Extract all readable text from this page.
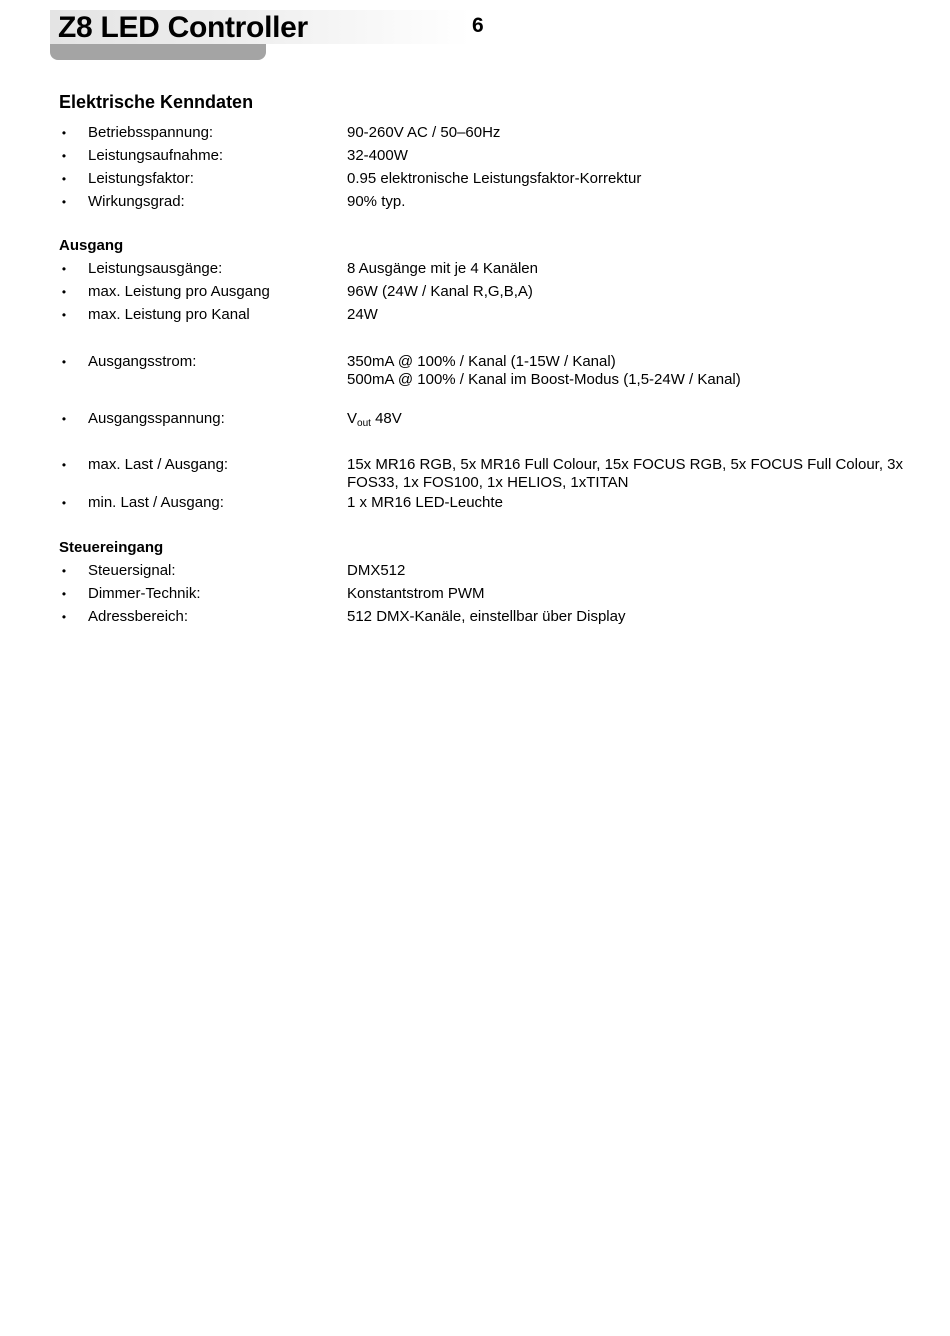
Z8 LED Controller	6
Elektrische Kenndaten
• Betriebsspannung:	90-260V AC / 50–60Hz
• Leistungsaufnahme:	32-400W
• Leistungsfaktor:	0.95 elektronische Leistungsfaktor-Korrektur
• Wirkungsgrad:	90% typ.
Ausgang
• Leistungsausgänge:	8 Ausgänge mit je 4 Kanälen
• max. Leistung pro Ausgang	96W (24W / Kanal R,G,B,A)
• max. Leistung pro Kanal	24W
• Ausgangsstrom:	350mA @ 100% / Kanal (1-15W / Kanal)
500mA @ 100% / Kanal im Boost-Modus (1,5-24W / Kanal)
• Ausgangsspannung:	$V_{out}$ 48V
• max. Last / Ausgang:	15x MR16 RGB, 5x MR16 Full Colour, 15x FOCUS RGB, 5x FOCUS Full Colour, 3x FOS33, 1x FOS100, 1x HELIOS, 1xTITAN
• min. Last / Ausgang:	1 x MR16 LED-Leuchte
Steuereingang
• Steuersignal:	DMX512
• Dimmer-Technik:	Konstantstrom PWM
• Adressbereich:	512 DMX-Kanäle, einstellbar über Display
